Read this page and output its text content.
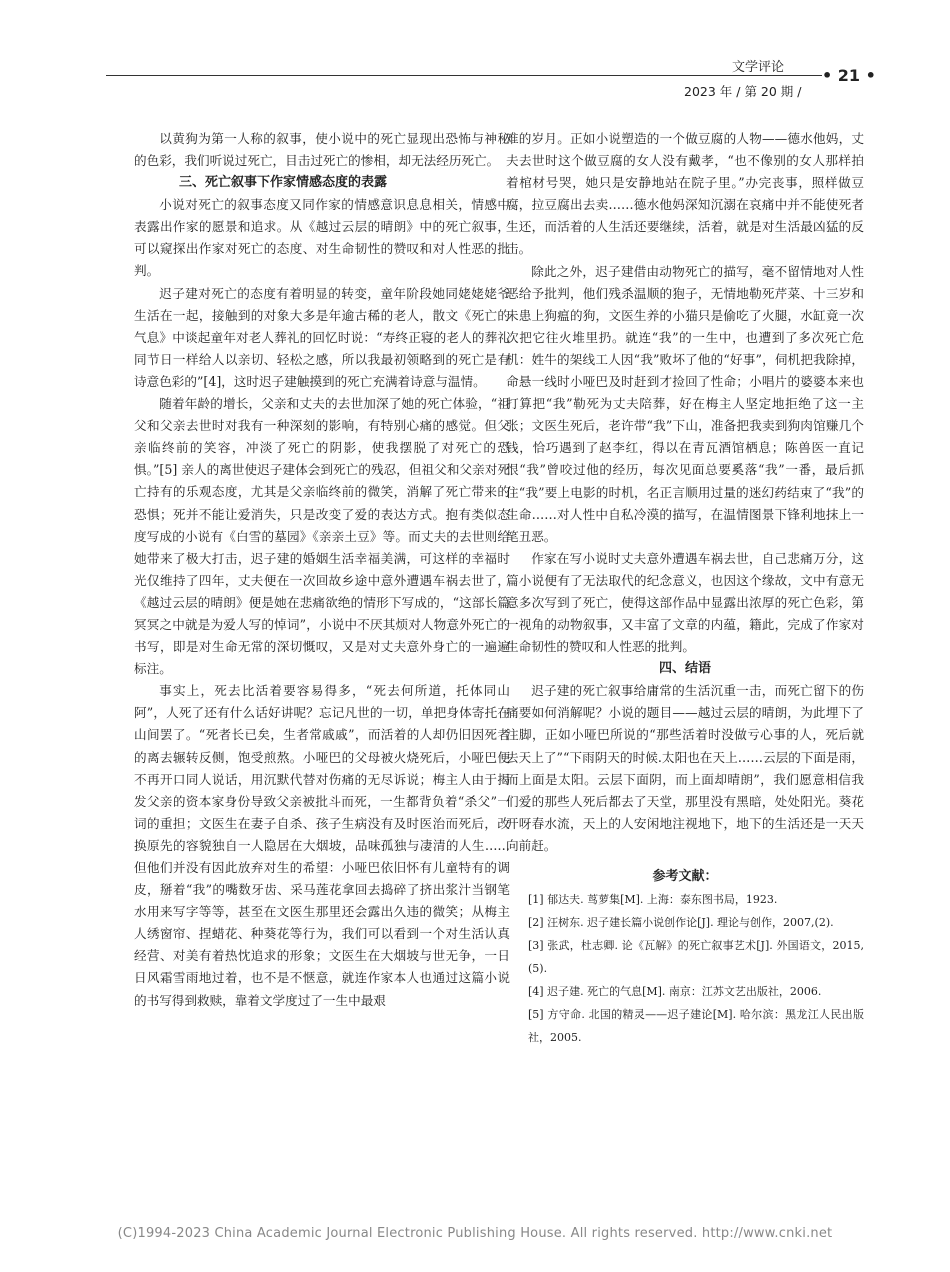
文学评论 • 21 •
2023 年 / 第 20 期 /

以黄狗为第一人称的叙事，使小说中的死亡显现出恐怖与神秘的色彩，我们听说过死亡，目击过死亡的惨相，却无法经历死亡。

三、死亡叙事下作家情感态度的表露

小说对死亡的叙事态度又同作家的情感意识息息相关，情感中表露出作家的愿景和追求。从《越过云层的晴朗》中的死亡叙事，可以窥探出作家对死亡的态度、对生命韧性的赞叹和对人性恶的批判。

迟子建对死亡的态度有着明显的转变，童年阶段她同姥姥姥爷生活在一起，接触到的对象大多是年逾古稀的老人，散文《死亡的气息》中谈起童年对老人葬礼的回忆时说：“寿终正寝的老人的葬礼同节日一样给人以亲切、轻松之感，所以我最初领略到的死亡是有诗意色彩的”[4]，这时迟子建触摸到的死亡充满着诗意与温情。

随着年龄的增长，父亲和丈夫的去世加深了她的死亡体验，“祖父和父亲去世时对我有一种深刻的影响，有特别心痛的感觉。但父亲临终前的笑容，冲淡了死亡的阴影，使我摆脱了对死亡的恐惧。”[5] 亲人的离世使迟子建体会到死亡的残忍，但祖父和父亲对死亡持有的乐观态度，尤其是父亲临终前的微笑，消解了死亡带来的恐惧；死并不能让爱消失，只是改变了爱的表达方式。抱有类似态度写成的小说有《白雪的墓园》《亲亲土豆》等。而丈夫的去世则给她带来了极大打击，迟子建的婚姻生活幸福美满，可这样的幸福时光仅维持了四年，丈夫便在一次回故乡途中意外遭遇车祸去世了，《越过云层的晴朗》便是她在悲痛欲绝的情形下写成的，“这部长篇冥冥之中就是为爱人写的悼词”，小说中不厌其烦对人物意外死亡的书写，即是对生命无常的深切慨叹，又是对丈夫意外身亡的一遍遍标注。

事实上，死去比活着要容易得多，“死去何所道，托体同山阿”，人死了还有什么话好讲呢？忘记凡世的一切，单把身体寄托在山间罢了。“死者长已矣，生者常戚戚”，而活着的人却仍旧因死者的离去辗转反侧，饱受煎熬。小哑巴的父母被火烧死后，小哑巴便不再开口同人说话，用沉默代替对伤痛的无尽诉说；梅主人由于揭发父亲的资本家身份导致父亲被批斗而死，一生都背负着“杀父”一词的重担；文医生在妻子自杀、孩子生病没有及时医治而死后，改换原先的容貌独自一人隐居在大烟坡，品味孤独与凄清的人生……但他们并没有因此放弃对生的希望：小哑巴依旧怀有儿童特有的调皮，掰着“我”的嘴数牙齿、采马莲花拿回去捣碎了挤出浆汁当钢笔水用来写字等等，甚至在文医生那里还会露出久违的微笑；从梅主人绣窗帘、捏蜡花、种葵花等行为，我们可以看到一个对生活认真经营、对美有着热忱追求的形象；文医生在大烟坡与世无争，一日日风霜雪雨地过着，也不是不惬意，就连作家本人也通过这篇小说的书写得到救赎，靠着文学度过了一生中最艰

难的岁月。正如小说塑造的一个做豆腐的人物——德水他妈，丈夫去世时这个做豆腐的女人没有戴孝，“也不像别的女人那样拍着棺材号哭，她只是安静地站在院子里。”办完丧事，照样做豆腐，拉豆腐出去卖……德水他妈深知沉溺在哀痛中并不能使死者生还，而活着的人生活还要继续，活着，就是对生活最凶猛的反击。

除此之外，迟子建借由动物死亡的描写，毫不留情地对人性恶给予批判，他们残杀温顺的狍子，无情地勒死芹菜、十三岁和未患上狗瘟的狗，文医生养的小猫只是偷吃了火腿，水缸竟一次次把它往火堆里扔。就连“我”的一生中，也遭到了多次死亡危机：姓牛的架线工人因“我”败坏了他的“好事”，伺机把我除掉，命悬一线时小哑巴及时赶到才捡回了性命；小唱片的婆婆本来也打算把“我”勒死为丈夫陪葬，好在梅主人坚定地拒绝了这一主张；文医生死后，老许带“我”下山，准备把我卖到狗肉馆赚几个钱，恰巧遇到了赵李红，得以在青瓦酒馆栖息；陈兽医一直记恨“我”曾咬过他的经历，每次见面总要奚落“我”一番，最后抓住“我”要上电影的时机，名正言顺用过量的迷幻药结束了“我”的生命……对人性中自私冷漠的描写，在温情图景下锋利地抹上一笔丑恶。

作家在写小说时丈夫意外遭遇车祸去世，自己悲痛万分，这篇小说便有了无法取代的纪念意义，也因这个缘故，文中有意无意多次写到了死亡，使得这部作品中显露出浓厚的死亡色彩，第一视角的动物叙事，又丰富了文章的内蕴，籍此，完成了作家对生命韧性的赞叹和人性恶的批判。

四、结语

迟子建的死亡叙事给庸常的生活沉重一击，而死亡留下的伤痛要如何消解呢？小说的题目——越过云层的晴朗，为此埋下了注脚，正如小哑巴所说的“那些活着时没做亏心事的人，死后就去天上了”“下雨阴天的时候.太阳也在天上……云层的下面是雨，而上面是太阳。云层下面阴，而上面却晴朗”，我们愿意相信我们爱的那些人死后都去了天堂，那里没有黑暗，处处阳光。葵花开呀春水流，天上的人安闲地注视地下，地下的生活还是一天天向前赶。

参考文献：

[1] 郁达夫. 茑萝集[M]. 上海：泰东图书局，1923.

[2] 汪树东. 迟子建长篇小说创作论[J]. 理论与创作，2007,(2).

[3] 张武，杜志卿. 论《瓦解》的死亡叙事艺术[J]. 外国语文，2015,(5).

[4] 迟子建. 死亡的气息[M]. 南京：江苏文艺出版社，2006.

[5] 方守命. 北国的精灵——迟子建论[M]. 哈尔滨：黑龙江人民出版社，2005.

(C)1994-2023 China Academic Journal Electronic Publishing House. All rights reserved. http://www.cnki.net
